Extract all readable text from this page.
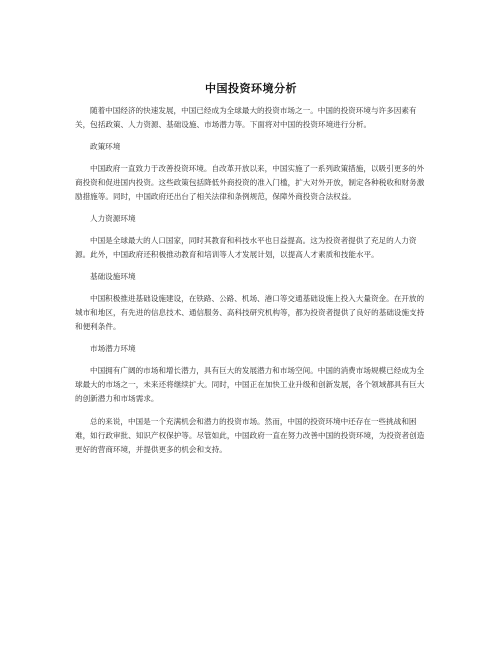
中国投资环境分析

随着中国经济的快速发展，中国已经成为全球最大的投资市场之一。中国的投资环境与许多因素有关，包括政策、人力资源、基础设施、市场潜力等。下面将对中国的投资环境进行分析。

政策环境

中国政府一直致力于改善投资环境。自改革开放以来，中国实施了一系列政策措施，以吸引更多的外商投资和促进国内投资。这些政策包括降低外商投资的准入门槛，扩大对外开放，制定各种税收和财务激励措施等。同时，中国政府还出台了相关法律和条例规范，保障外商投资合法权益。

人力资源环境

中国是全球最大的人口国家，同时其教育和科技水平也日益提高。这为投资者提供了充足的人力资源。此外，中国政府还积极推动教育和培训等人才发展计划，以提高人才素质和技能水平。

基础设施环境

中国积极推进基础设施建设，在铁路、公路、机场、港口等交通基础设施上投入大量资金。在开放的城市和地区，有先进的信息技术、通信服务、高科技研究机构等，都为投资者提供了良好的基础设施支持和便利条件。

市场潜力环境

中国拥有广阔的市场和增长潜力，具有巨大的发展潜力和市场空间。中国的消费市场规模已经成为全球最大的市场之一，未来还将继续扩大。同时，中国正在加快工业升级和创新发展，各个领域都具有巨大的创新潜力和市场需求。

总的来说，中国是一个充满机会和潜力的投资市场。然而，中国的投资环境中还存在一些挑战和困难，如行政审批、知识产权保护等。尽管如此，中国政府一直在努力改善中国的投资环境，为投资者创造更好的营商环境，并提供更多的机会和支持。
